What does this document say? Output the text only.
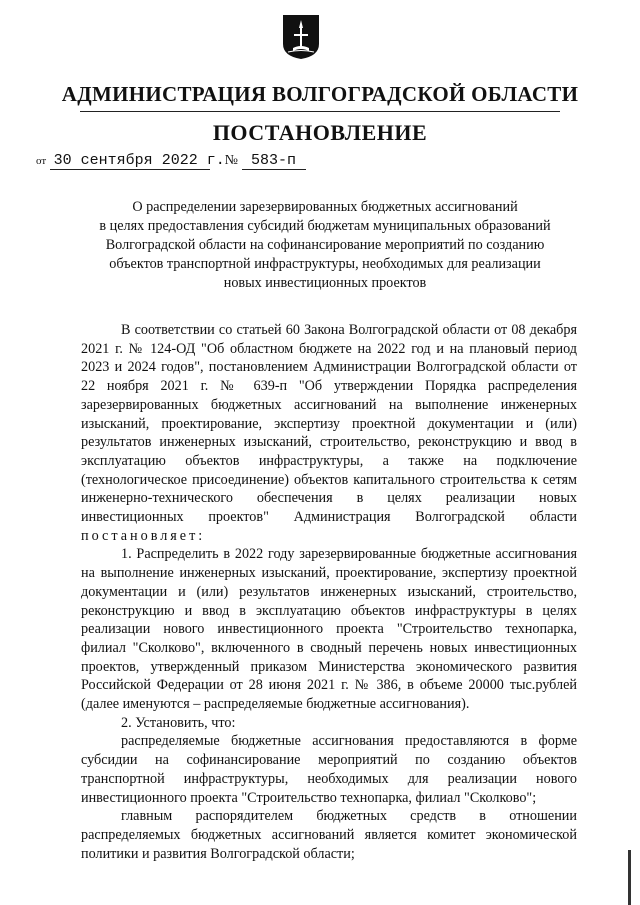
АДМИНИСТРАЦИЯ ВОЛГОГРАДСКОЙ ОБЛАСТИ
ПОСТАНОВЛЕНИЕ
от 30 сентября 2022 г.  № 583-п
О распределении зарезервированных бюджетных ассигнований
в целях предоставления субсидий бюджетам муниципальных образований
Волгоградской области на софинансирование мероприятий по созданию
объектов транспортной инфраструктуры, необходимых для реализации
новых инвестиционных проектов

В соответствии со статьей 60 Закона Волгоградской области от 08 декабря 2021 г. № 124-ОД "Об областном бюджете на 2022 год и на плановый период 2023 и 2024 годов", постановлением Администрации Волгоградской области от 22 ноября 2021 г. № 639-п "Об утверждении Порядка распределения зарезервированных бюджетных ассигнований на выполнение инженерных изысканий, проектирование, экспертизу проектной документации и (или) результатов инженерных изысканий, строительство, реконструкцию и ввод в эксплуатацию объектов инфраструктуры, а также на подключение (технологическое присоединение) объектов капитального строительства к сетям инженерно-технического обеспечения в целях реализации новых инвестиционных проектов" Администрация Волгоградской области постановляет:

1. Распределить в 2022 году зарезервированные бюджетные ассигнования на выполнение инженерных изысканий, проектирование, экспертизу проектной документации и (или) результатов инженерных изысканий, строительство, реконструкцию и ввод в эксплуатацию объектов инфраструктуры в целях реализации нового инвестиционного проекта "Строительство технопарка, филиал "Сколково", включенного в сводный перечень новых инвестиционных проектов, утвержденный приказом Министерства экономического развития Российской Федерации от 28 июня 2021 г. № 386, в объеме 20000 тыс.рублей (далее именуются – распределяемые бюджетные ассигнования).

2. Установить, что:

распределяемые бюджетные ассигнования предоставляются в форме субсидии на софинансирование мероприятий по созданию объектов транспортной инфраструктуры, необходимых для реализации нового инвестиционного проекта "Строительство технопарка, филиал "Сколково";

главным распорядителем бюджетных средств в отношении распределяемых бюджетных ассигнований является комитет экономической политики и развития Волгоградской области;
